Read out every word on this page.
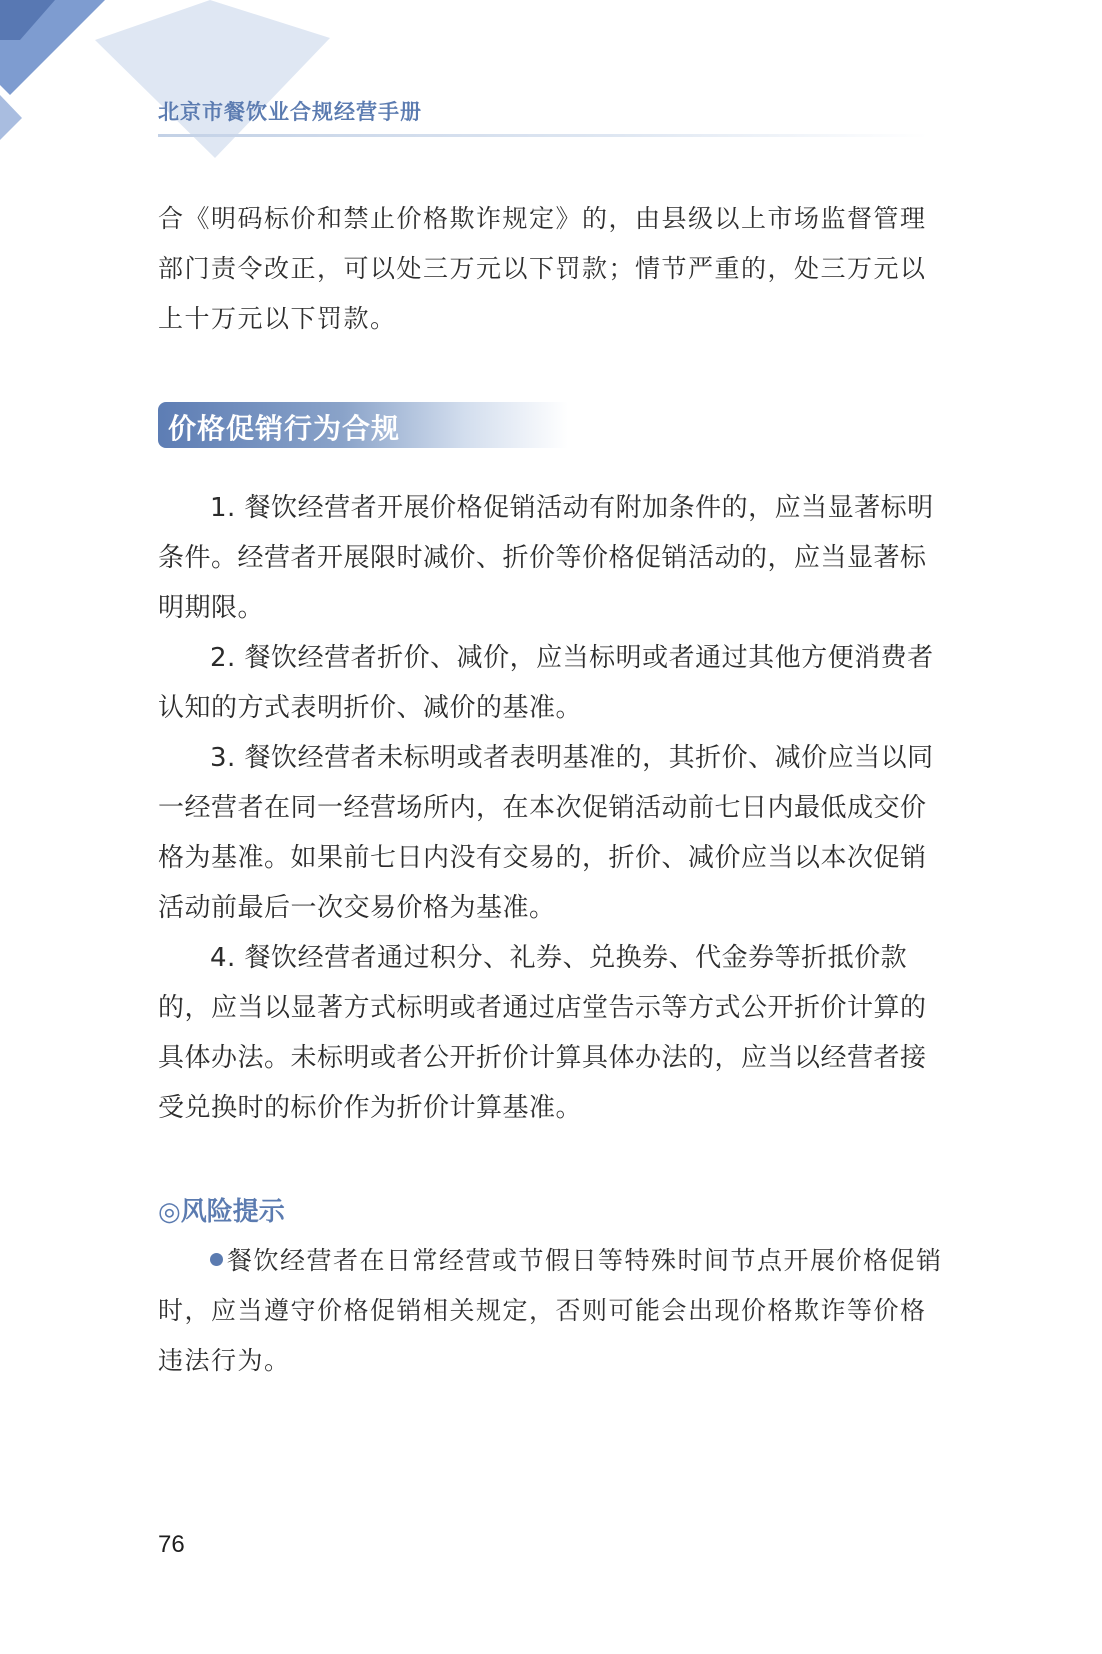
北京市餐饮业合规经营手册

合《明码标价和禁止价格欺诈规定》的，由县级以上市场监督管理部门责令改正，可以处三万元以下罚款；情节严重的，处三万元以上十万元以下罚款。

价格促销行为合规
1. 餐饮经营者开展价格促销活动有附加条件的，应当显著标明条件。经营者开展限时减价、折价等价格促销活动的，应当显著标明期限。
2. 餐饮经营者折价、减价，应当标明或者通过其他方便消费者认知的方式表明折价、减价的基准。
3. 餐饮经营者未标明或者表明基准的，其折价、减价应当以同一经营者在同一经营场所内，在本次促销活动前七日内最低成交价格为基准。如果前七日内没有交易的，折价、减价应当以本次促销活动前最后一次交易价格为基准。
4. 餐饮经营者通过积分、礼券、兑换券、代金券等折抵价款的，应当以显著方式标明或者通过店堂告示等方式公开折价计算的具体办法。未标明或者公开折价计算具体办法的，应当以经营者接受兑换时的标价作为折价计算基准。
◎风险提示

餐饮经营者在日常经营或节假日等特殊时间节点开展价格促销时，应当遵守价格促销相关规定，否则可能会出现价格欺诈等价格违法行为。

76
